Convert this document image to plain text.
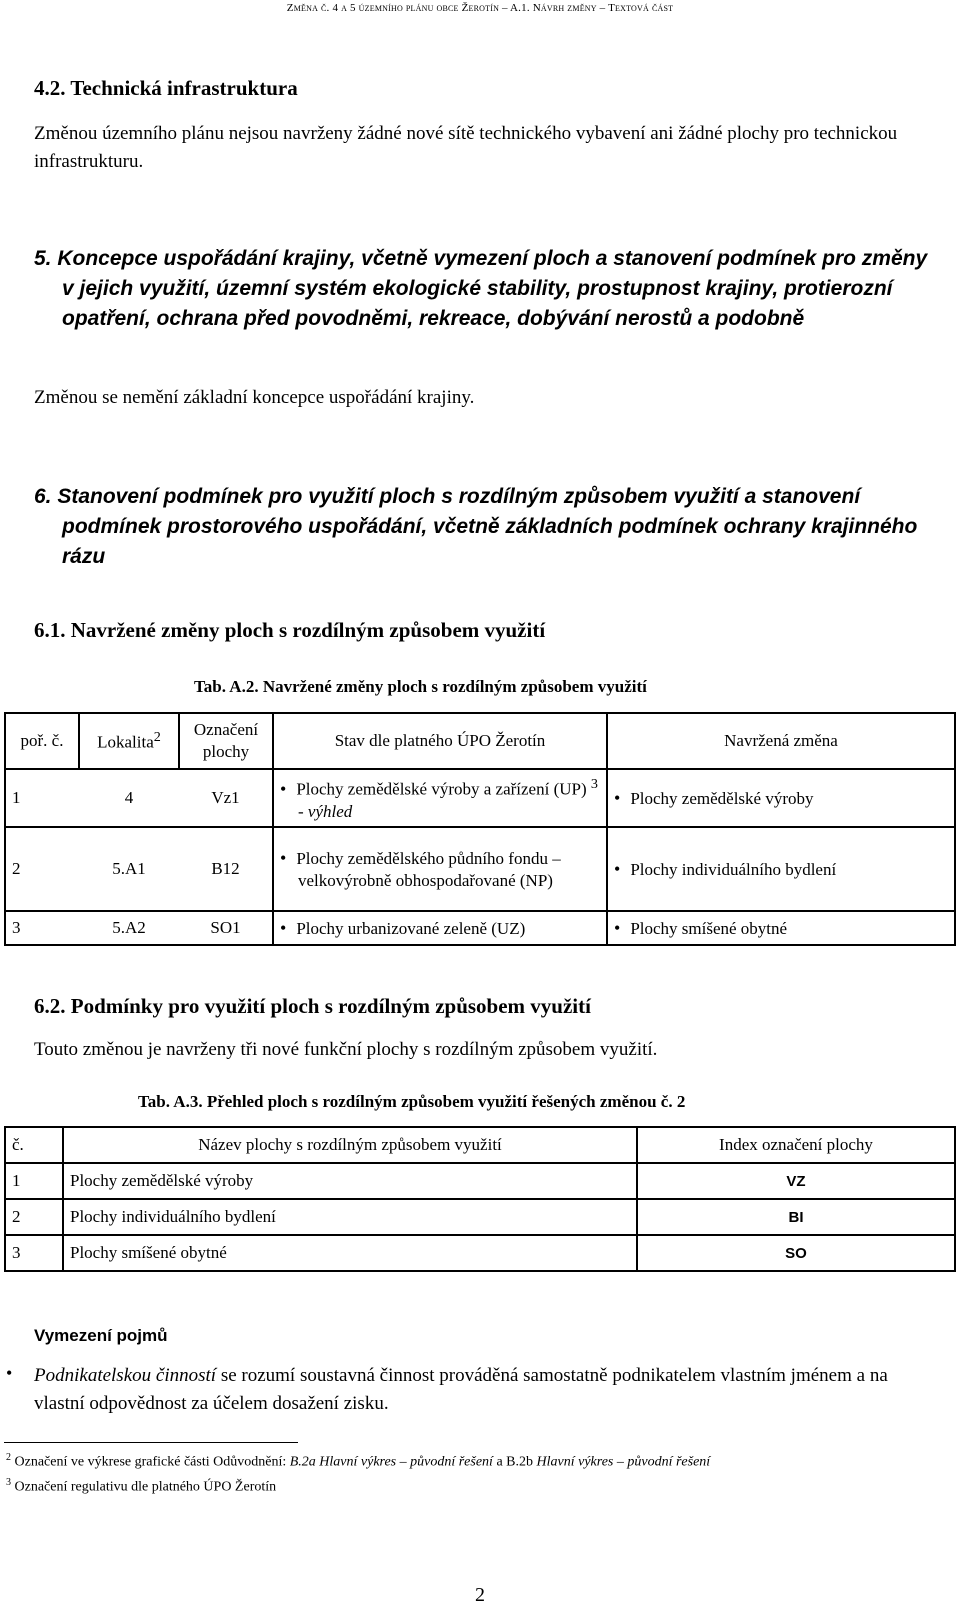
Změna č. 4 a 5 územního plánu obce Žerotín – A.1. Návrh změny – Textová část
4.2. Technická infrastruktura
Změnou územního plánu nejsou navrženy žádné nové sítě technického vybavení ani žádné plochy pro technickou infrastrukturu.
5. Koncepce uspořádání krajiny, včetně vymezení ploch a stanovení podmínek pro změny v jejich využití, územní systém ekologické stability, prostupnost krajiny, protierozní opatření, ochrana před povodněmi, rekreace, dobývání nerostů a podobně
Změnou se nemění základní koncepce uspořádání krajiny.
6. Stanovení podmínek pro využití ploch s rozdílným způsobem využití a stanovení podmínek prostorového uspořádání, včetně základních podmínek ochrany krajinného rázu
6.1. Navržené změny ploch s rozdílným způsobem využití
Tab. A.2. Navržené změny ploch s rozdílným způsobem využití
poř. č.	Lokalita$^2$	Označení plochy	Stav dle platného ÚPO Žerotín	Navržená změna
1	4	Vz1	• Plochy zemědělské výroby a zařízení (UP) $^3$ - výhled	• Plochy zemědělské výroby

2	5.A1	B12	• Plochy zemědělského půdního fondu – velkovýrobně obhospodařované (NP)	• Plochy individuálního bydlení

3	5.A2	SO1	• Plochy urbanizované zeleně (UZ)	• Plochy smíšené obytné
6.2. Podmínky pro využití ploch s rozdílným způsobem využití
Touto změnou je navrženy tři nové funkční plochy s rozdílným způsobem využití.
Tab. A.3. Přehled ploch s rozdílným způsobem využití řešených změnou č. 2
č.	Název plochy s rozdílným způsobem využití	Index označení plochy
1	Plochy zemědělské výroby	VZ
2	Plochy individuálního bydlení	BI
3	Plochy smíšené obytné	SO
Vymezení pojmů
• Podnikatelskou činností se rozumí soustavná činnost prováděná samostatně podnikatelem vlastním jménem a na vlastní odpovědnost za účelem dosažení zisku.
$^2$ Označení ve výkrese grafické části Odůvodnění: B.2a Hlavní výkres – původní řešení a B.2b Hlavní výkres – původní řešení
$^3$ Označení regulativu dle platného ÚPO Žerotín
2
